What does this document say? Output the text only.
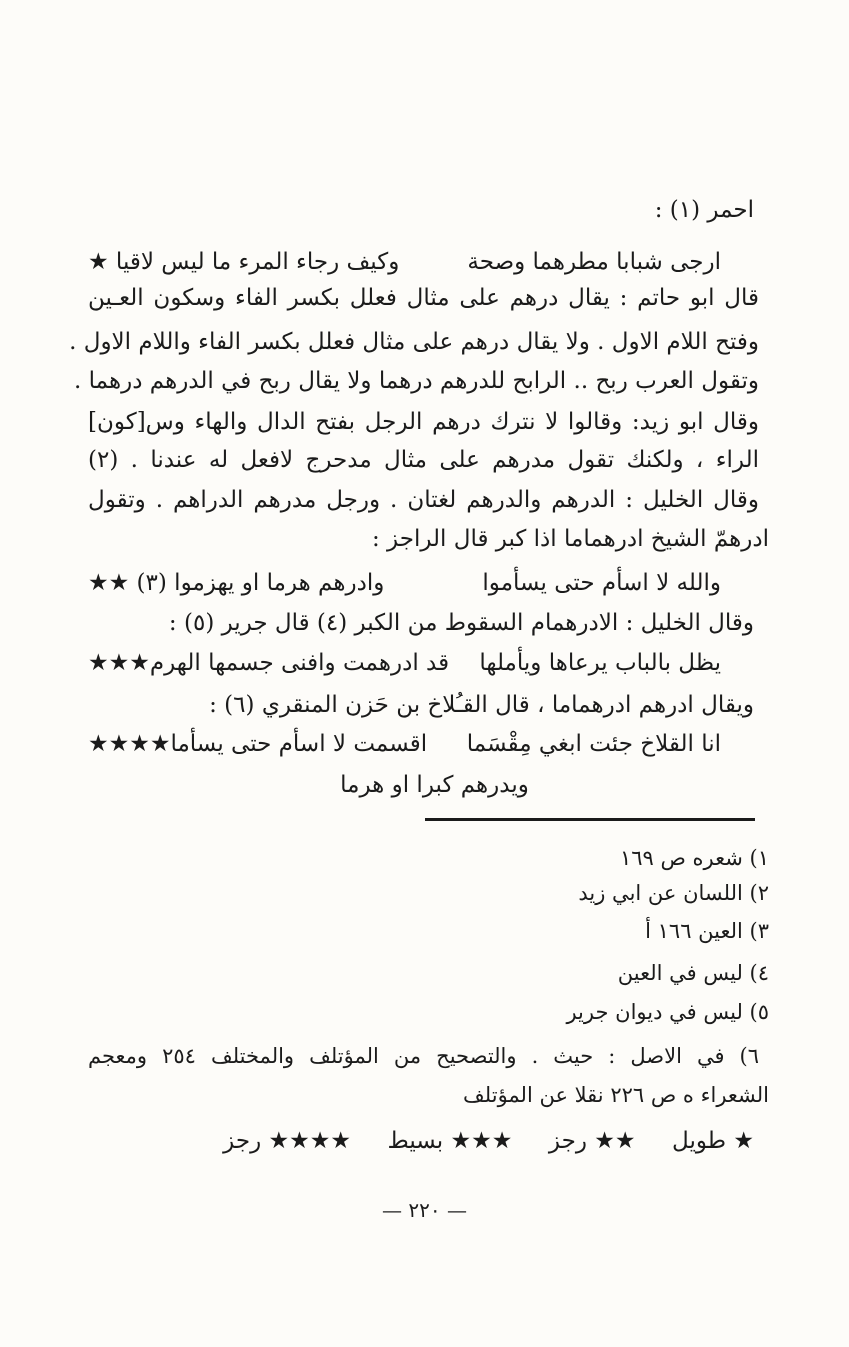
احمر (١) :
ارجى شبابا مطرهما وصحة
وكيف رجاء المرء ما ليس لاقيا ★
قال ابو حاتم : يقال درهم على مثال فعلل بكسر الفاء وسكون العـين
وفتح اللام الاول . ولا يقال درهم على مثال فعلل بكسر الفاء واللام الاول .
وتقول العرب ربح .. الرابح للدرهم درهما ولا يقال ربح في الدرهم درهما .
وقال ابو زيد: وقالوا لا نترك درهم الرجل بفتح الدال والهاء وس[كون]
الراء ، ولكنك تقول مدرهم على مثال مدحرج لافعل له عندنا . (٢)
وقال الخليل : الدرهم والدرهم لغتان . ورجل مدرهم الدراهم . وتقول
ادرهمّ الشيخ ادرهماما اذا كبر قال الراجز :
والله لا اسأم حتى يسأموا
وادرهم هرما او يهزموا (٣) ★★
وقال الخليل : الادرهمام السقوط من الكبر (٤) قال جرير (٥) :
يظل بالباب يرعاها ويأملها
قد ادرهمت وافنى جسمها الهرم★★★
ويقال ادرهم ادرهماما ، قال القـُلاخ بن حَزن المنقري (٦) :
انا القلاخ جئت ابغي مِقْسَما
اقسمت لا اسأم حتى يسأما★★★★
ويدرهم كبرا او هرما
١) شعره ص ١٦٩
٢) اللسان عن ابي زيد
٣) العين ١٦٦ أ
٤) ليس في العين
٥) ليس في ديوان جرير
٦) في الاصل : حيث . والتصحيح من المؤتلف والمختلف ٢٥٤ ومعجم
الشعراء ه ص ٢٢٦ نقلا عن المؤتلف
★ طويل     ★★ رجز     ★★★ بسيط     ★★★★ رجز
— ٢٢٠ —
